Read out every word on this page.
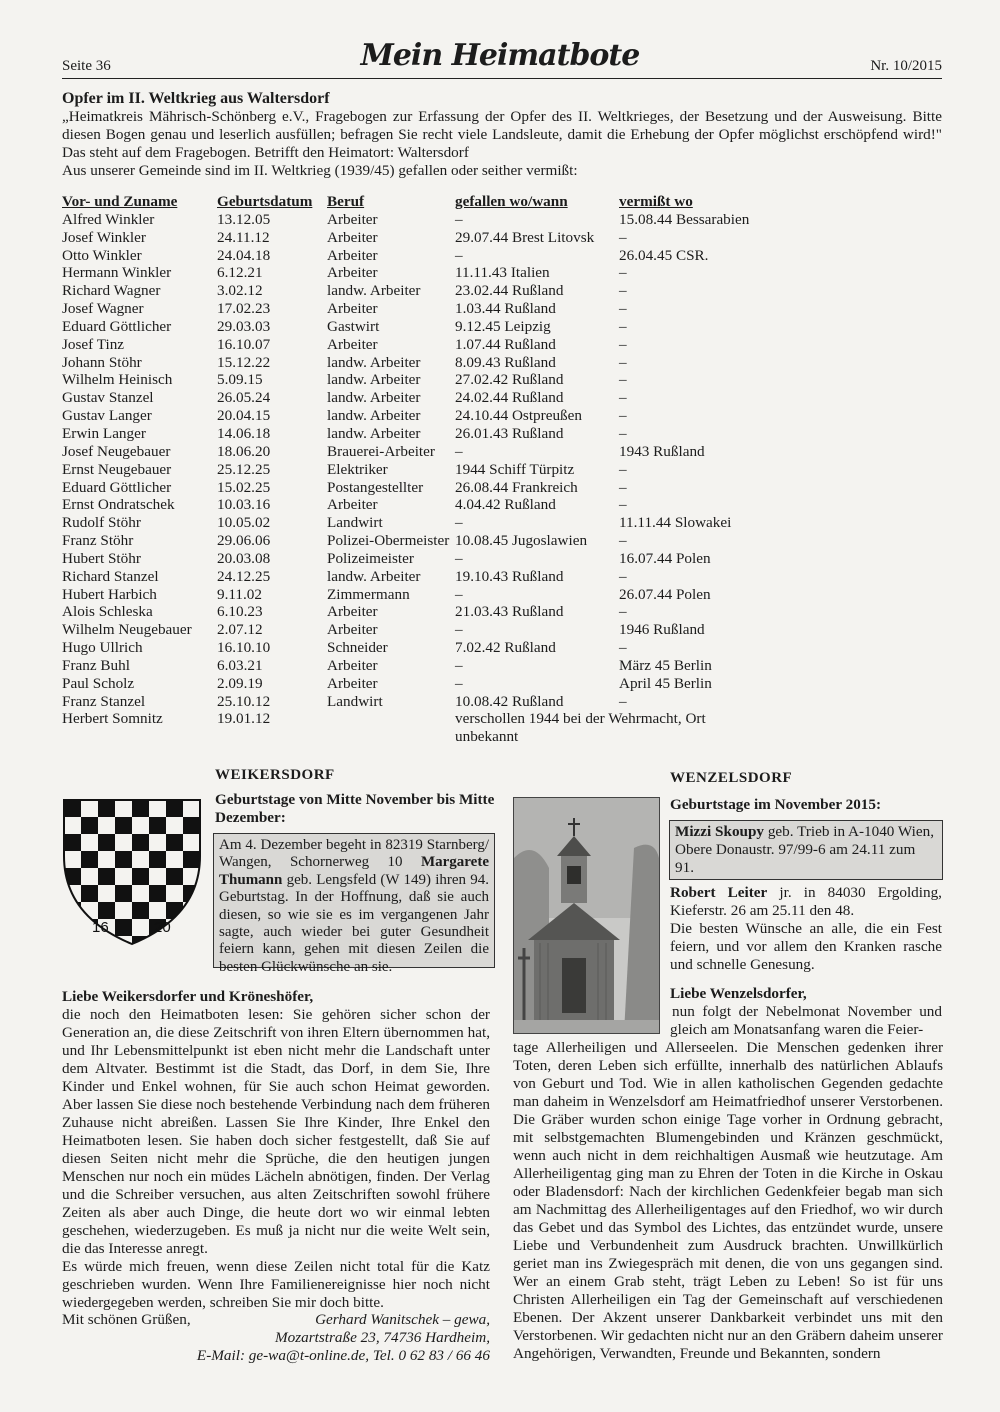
Seite 36	Mein Heimatbote	Nr. 10/2015
Opfer im II. Weltkrieg aus Waltersdorf

„Heimatkreis Mährisch-Schönberg e.V., Fragebogen zur Erfassung der Opfer des II. Weltkrieges, der Besetzung und der Ausweisung. Bitte diesen Bogen genau und leserlich ausfüllen; befragen Sie recht viele Landsleute, damit die Erhebung der Opfer möglichst erschöpfend wird!" Das steht auf dem Fragebogen. Betrifft den Heimatort: Waltersdorf

Aus unserer Gemeinde sind im II. Weltkrieg (1939/45) gefallen oder seither vermißt:

Vor- und Zuname	Geburtsdatum Beruf	gefallen wo/wann	vermißt wo
Alfred Winkler	13.12.05	Arbeiter	–	15.08.44 Bessarabien
Josef Winkler	24.11.12	Arbeiter	29.07.44 Brest Litovsk –
Otto Winkler	24.04.18	Arbeiter	–	26.04.45 CSR.
Hermann Winkler	6.12.21	Arbeiter	11.11.43 Italien	–
Richard Wagner	3.02.12	landw. Arbeiter 23.02.44 Rußland	–
Josef Wagner	17.02.23	Arbeiter	1.03.44 Rußland	–
Eduard Göttlicher	29.03.03	Gastwirt	9.12.45 Leipzig	–
Josef Tinz	16.10.07	Arbeiter	1.07.44 Rußland	–
Johann Stöhr	15.12.22	landw. Arbeiter 8.09.43 Rußland	–
Wilhelm Heinisch	5.09.15	landw. Arbeiter 27.02.42 Rußland	–
Gustav Stanzel	26.05.24	landw. Arbeiter 24.02.44 Rußland	–
Gustav Langer	20.04.15	landw. Arbeiter 24.10.44 Ostpreußen –
Erwin Langer	14.06.18	landw. Arbeiter 26.01.43 Rußland	–
Josef Neugebauer	18.06.20	Brauerei-Arbeiter –	1943 Rußland
Ernst Neugebauer	25.12.25	Elektriker	1944 Schiff Türpitz	–
Eduard Göttlicher	15.02.25	Postangestellter 26.08.44 Frankreich	–
Ernst Ondratschek	10.03.16	Arbeiter	4.04.42 Rußland	–
Rudolf Stöhr	10.05.02	Landwirt	–	11.11.44 Slowakei
Franz Stöhr	29.06.06	Polizei-Obermeister 10.08.45 Jugoslawien –
Hubert Stöhr	20.03.08	Polizeimeister	–	16.07.44 Polen
Richard Stanzel	24.12.25	landw. Arbeiter 19.10.43 Rußland	–
Hubert Harbich	9.11.02	Zimmermann	–	26.07.44 Polen
Alois Schleska	6.10.23	Arbeiter	21.03.43 Rußland	–
Wilhelm Neugebauer 2.07.12	Arbeiter	–	1946 Rußland
Hugo Ullrich	16.10.10	Schneider	7.02.42 Rußland	–
Franz Buhl	6.03.21	Arbeiter	–	März 45 Berlin
Paul Scholz	2.09.19	Arbeiter	–	April 45 Berlin
Franz Stanzel	25.10.12	Landwirt	10.08.42 Rußland	–
Herbert Somnitz	19.01.12	verschollen 1944 bei der Wehrmacht, Ort unbekannt
WEIKERSDORF
16	20
Geburtstage von Mitte November bis Mitte Dezember:
Am 4. Dezember begeht in 82319 Starnberg/ Wangen, Schornerweg 10 Margarete Thumann geb. Lengsfeld (W 149) ihren 94. Geburtstag. In der Hoffnung, daß sie auch diesen, so wie sie es im vergangenen Jahr sagte, auch wieder bei guter Gesundheit feiern kann, gehen mit diesen Zeilen die besten Glückwünsche an sie.
Liebe Weikersdorfer und Kröneshöfer,

die noch den Heimatboten lesen: Sie gehören sicher schon der Generation an, die diese Zeitschrift von ihren Eltern übernommen hat, und Ihr Lebensmittelpunkt ist eben nicht mehr die Landschaft unter dem Altvater. Bestimmt ist die Stadt, das Dorf, in dem Sie, Ihre Kinder und Enkel wohnen, für Sie auch schon Heimat geworden. Aber lassen Sie diese noch bestehende Verbindung nach dem früheren Zuhause nicht abreißen. Lassen Sie Ihre Kinder, Ihre Enkel den Heimatboten lesen. Sie haben doch sicher festgestellt, daß Sie auf diesen Seiten nicht mehr die Sprüche, die den heutigen jungen Menschen nur noch ein müdes Lächeln abnötigen, finden. Der Verlag und die Schreiber versuchen, aus alten Zeitschriften sowohl frühere Zeiten als aber auch Dinge, die heute dort wo wir einmal lebten geschehen, wiederzugeben. Es muß ja nicht nur die weite Welt sein, die das Interesse anregt.

Es würde mich freuen, wenn diese Zeilen nicht total für die Katz geschrieben wurden. Wenn Ihre Familienereignisse hier noch nicht wiedergegeben werden, schreiben Sie mir doch bitte.

Mit schönen Grüßen,	Gerhard Wanitschek – gewa,
Mozartstraße 23, 74736 Hardheim,
E-Mail: ge-wa@t-online.de, Tel. 0 62 83 / 66 46
WENZELSDORF
Geburtstage im November 2015:
Mizzi Skoupy geb. Trieb in A-1040 Wien, Obere Donaustr. 97/99-6 am 24.11 zum 91.

Robert Leiter jr. in 84030 Ergolding, Kieferstr. 26 am 25.11 den 48.

Die besten Wünsche an alle, die ein Fest feiern, und vor allem den Kranken rasche und schnelle Genesung.

Liebe Wenzelsdorfer,
nun folgt der Nebelmonat November und gleich am Monatsanfang waren die Feier-

tage Allerheiligen und Allerseelen. Die Menschen gedenken ihrer Toten, deren Leben sich erfüllte, innerhalb des natürlichen Ablaufs von Geburt und Tod. Wie in allen katholischen Gegenden gedachte man daheim in Wenzelsdorf am Heimatfriedhof unserer Verstorbenen. Die Gräber wurden schon einige Tage vorher in Ordnung gebracht, mit selbstgemachten Blumengebinden und Kränzen geschmückt, wenn auch nicht in dem reichhaltigen Ausmaß wie heutzutage. Am Allerheiligentag ging man zu Ehren der Toten in die Kirche in Oskau oder Bladensdorf: Nach der kirchlichen Gedenkfeier begab man sich am Nachmittag des Allerheiligentages auf den Friedhof, wo wir durch das Gebet und das Symbol des Lichtes, das entzündet wurde, unsere Liebe und Verbundenheit zum Ausdruck brachten. Unwillkürlich geriet man ins Zwiegespräch mit denen, die von uns gegangen sind. Wer an einem Grab steht, trägt Leben zu Leben! So ist für uns Christen Allerheiligen ein Tag der Gemeinschaft auf verschiedenen Ebenen. Der Akzent unserer Dankbarkeit verbindet uns mit den Verstorbenen. Wir gedachten nicht nur an den Gräbern daheim unserer Angehörigen, Verwandten, Freunde und Bekannten, sondern
